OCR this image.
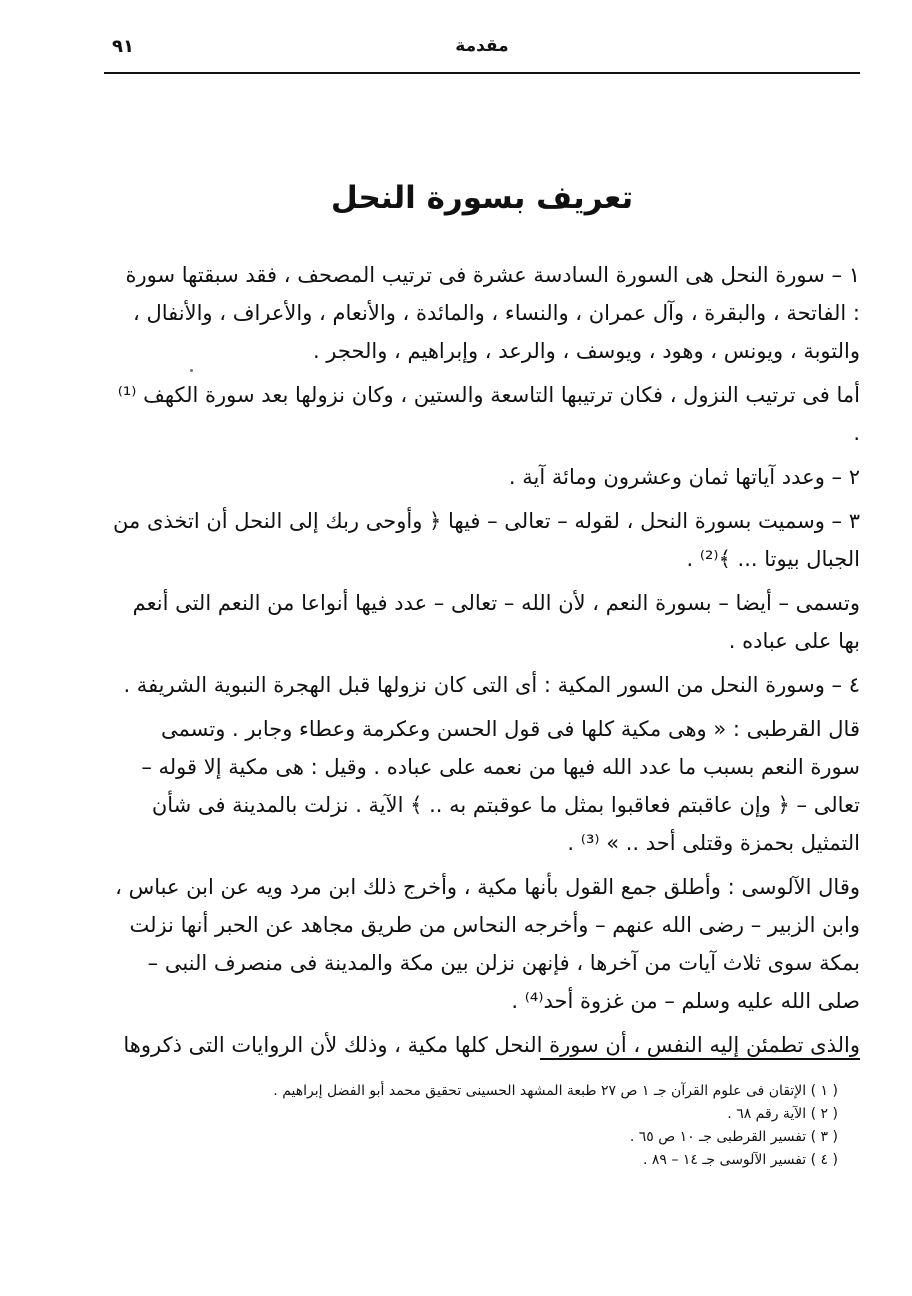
مقدمة
٩١
تعريف بسورة النحل

١ – سورة النحل هى السورة السادسة عشرة فى ترتيب المصحف ، فقد سبقتها سورة : الفاتحة ، والبقرة ، وآل عمران ، والنساء ، والمائدة ، والأنعام ، والأعراف ، والأنفال ، والتوبة ، ويونس ، وهود ، ويوسف ، والرعد ، وإبراهيم ، والحجر .

أما فى ترتيب النزول ، فكان ترتيبها التاسعة والستين ، وكان نزولها بعد سورة الكهف ⁽¹⁾ .

٢ – وعدد آياتها ثمان وعشرون ومائة آية .

٣ – وسميت بسورة النحل ، لقوله – تعالى – فيها ﴿ وأوحى ربك إلى النحل أن اتخذى من الجبال بيوتا ... ﴾⁽²⁾ .

وتسمى – أيضا – بسورة النعم ، لأن الله – تعالى – عدد فيها أنواعا من النعم التى أنعم بها على عباده .

٤ – وسورة النحل من السور المكية : أى التى كان نزولها قبل الهجرة النبوية الشريفة .

قال القرطبى : « وهى مكية كلها فى قول الحسن وعكرمة وعطاء وجابر . وتسمى سورة النعم بسبب ما عدد الله فيها من نعمه على عباده . وقيل : هى مكية إلا قوله – تعالى – ﴿ وإن عاقبتم فعاقبوا بمثل ما عوقبتم به .. ﴾ الآية . نزلت بالمدينة فى شأن التمثيل بحمزة وقتلى أحد .. » ⁽³⁾ .

وقال الآلوسى : وأطلق جمع القول بأنها مكية ، وأخرج ذلك ابن مرد ويه عن ابن عباس ، وابن الزبير – رضى الله عنهم – وأخرجه النحاس من طريق مجاهد عن الحبر أنها نزلت بمكة سوى ثلاث آيات من آخرها ، فإنهن نزلن بين مكة والمدينة فى منصرف النبى – صلى الله عليه وسلم – من غزوة أحد⁽⁴⁾ .

والذى تطمئن إليه النفس ، أن سورة النحل كلها مكية ، وذلك لأن الروايات التى ذكروها

( ١ ) الإتقان فى علوم القرآن جـ ١ ص ٢٧ طبعة المشهد الحسينى تحقيق محمد أبو الفضل إبراهيم .

( ٢ ) الآية رقم ٦٨ .

( ٣ ) تفسير القرطبى جـ ١٠ ص ٦٥ .

( ٤ ) تفسير الآلوسى جـ ١٤ – ٨٩ .
